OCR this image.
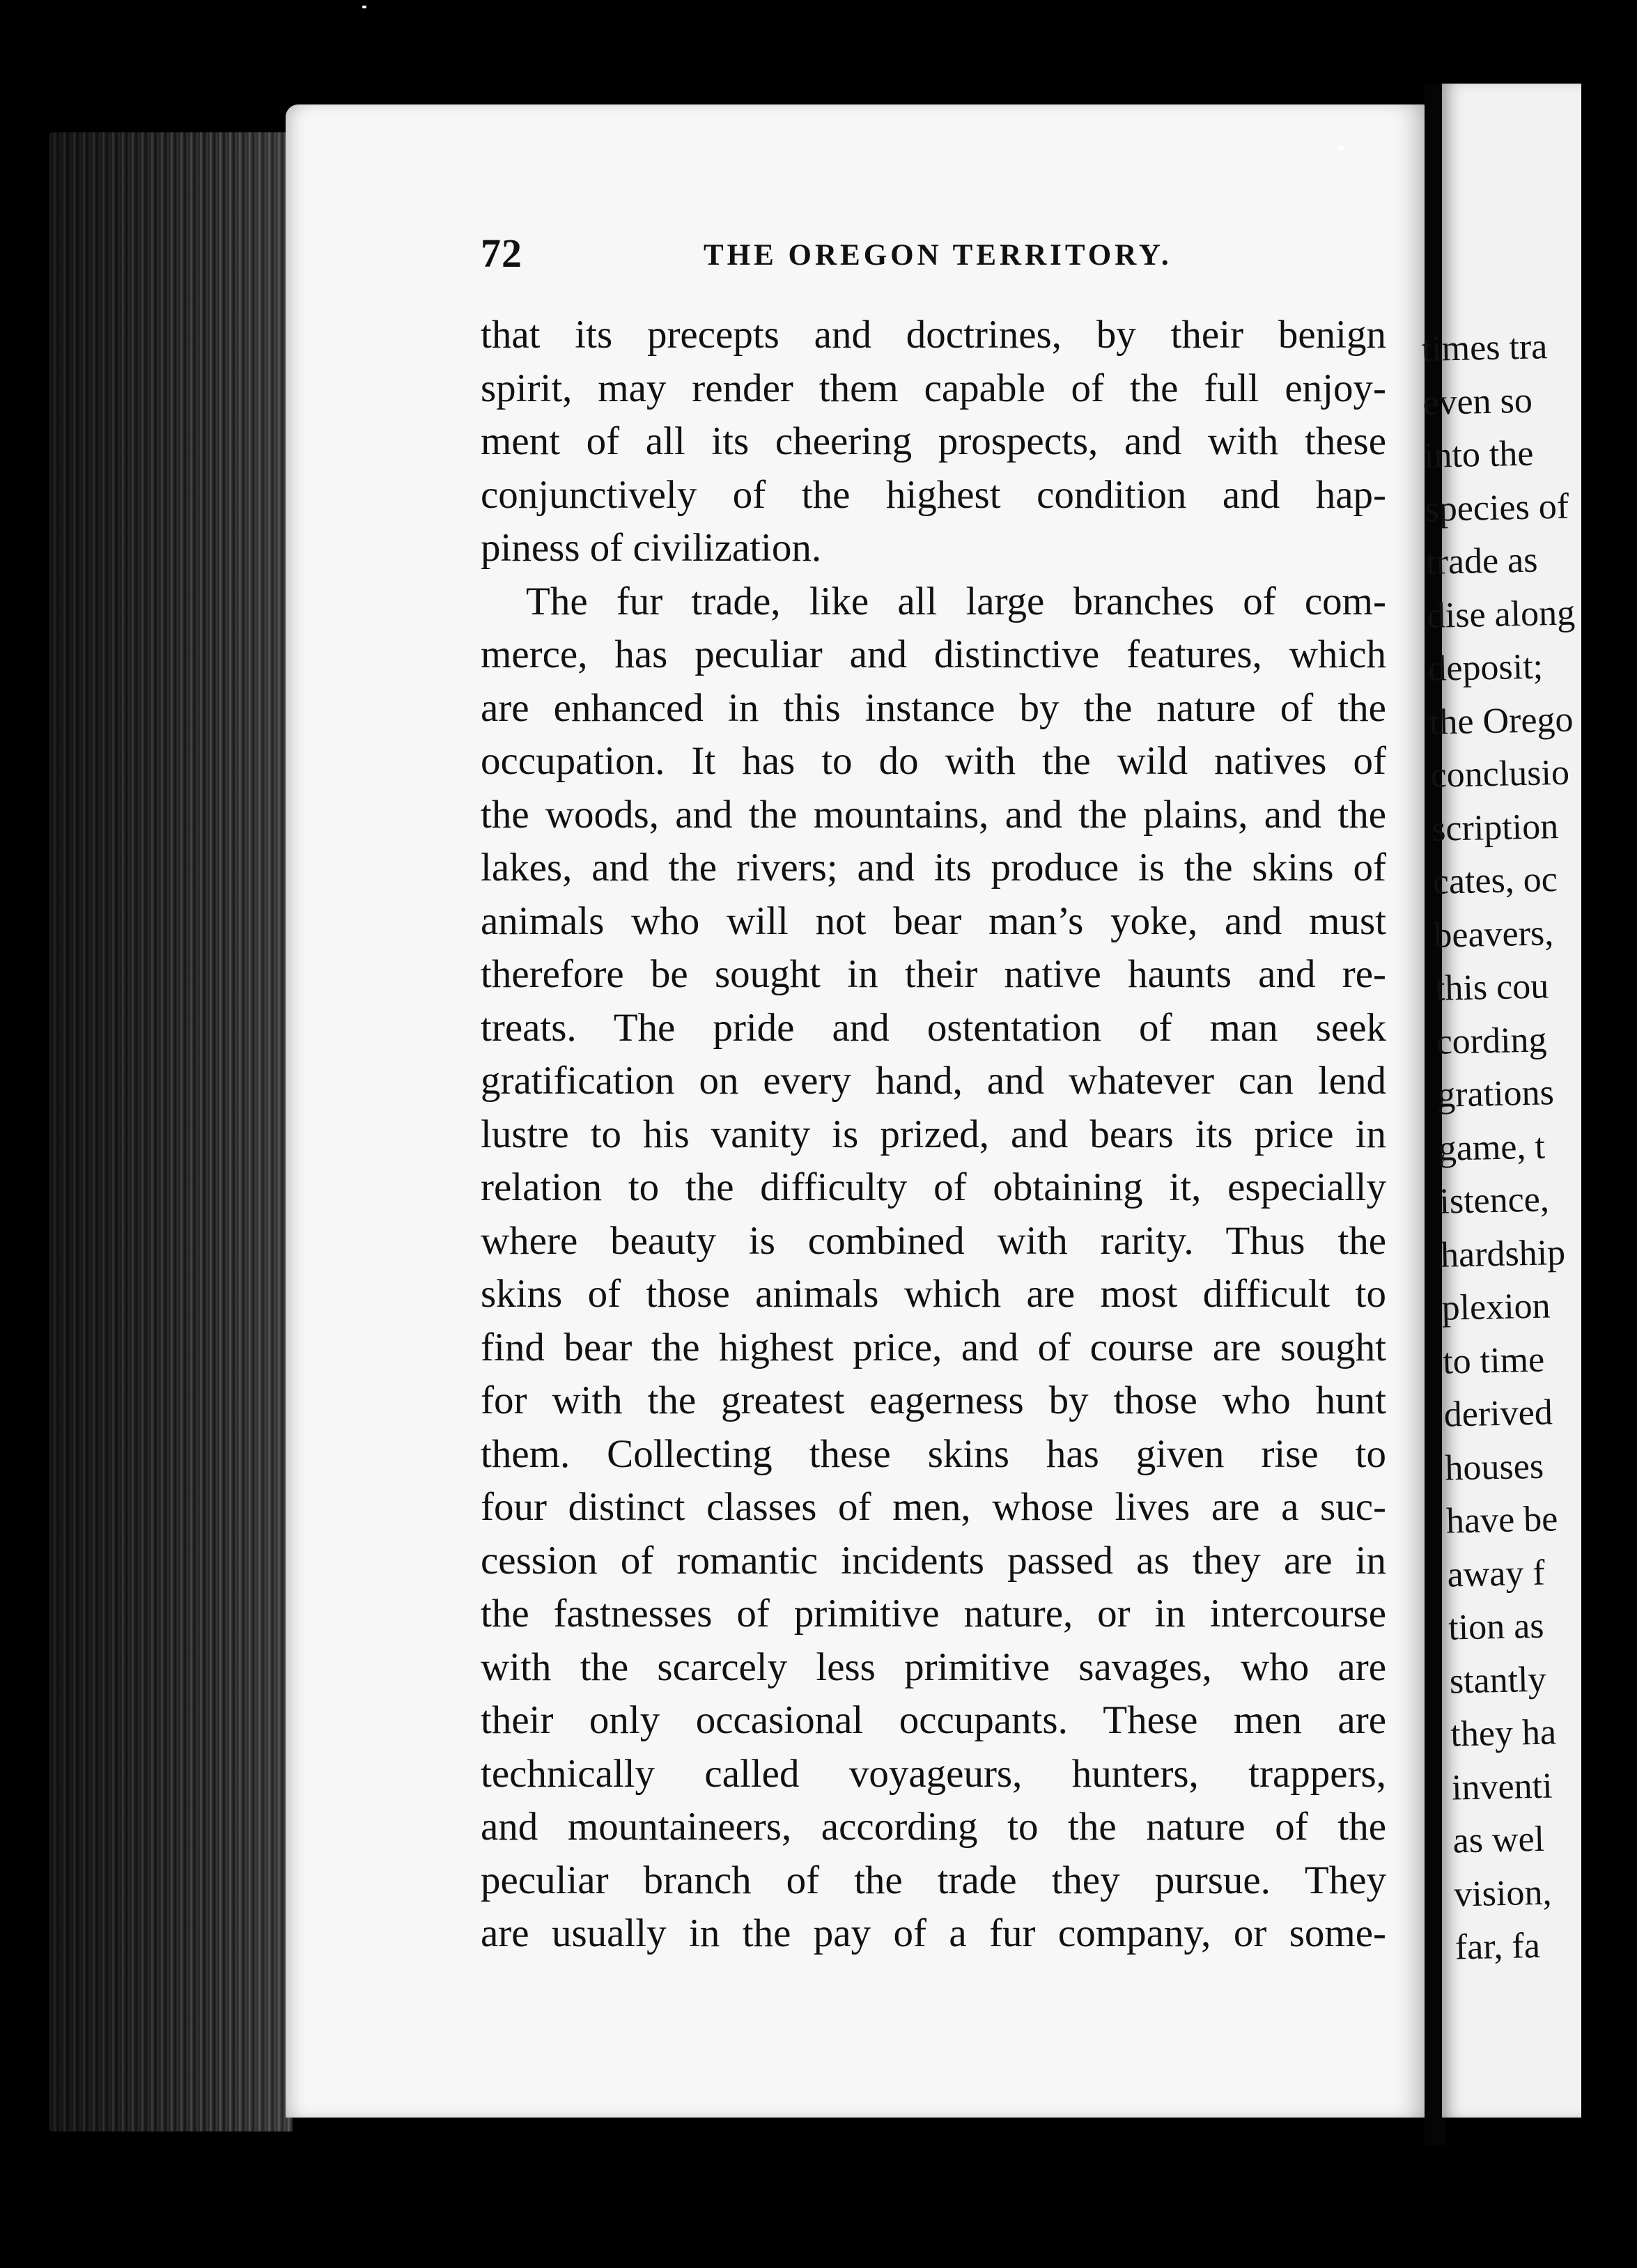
72	THE OREGON TERRITORY.
that its precepts and doctrines, by their benign
spirit, may render them capable of the full enjoy-
ment of all its cheering prospects, and with these
conjunctively of the highest condition and hap-
piness of civilization.
The fur trade, like all large branches of com-
merce, has peculiar and distinctive features, which
are enhanced in this instance by the nature of the
occupation. It has to do with the wild natives of
the woods, and the mountains, and the plains, and the
lakes, and the rivers; and its produce is the skins of
animals who will not bear man’s yoke, and must
therefore be sought in their native haunts and re-
treats. The pride and ostentation of man seek
gratification on every hand, and whatever can lend
lustre to his vanity is prized, and bears its price in
relation to the difficulty of obtaining it, especially
where beauty is combined with rarity. Thus the
skins of those animals which are most difficult to
find bear the highest price, and of course are sought
for with the greatest eagerness by those who hunt
them. Collecting these skins has given rise to
four distinct classes of men, whose lives are a suc-
cession of romantic incidents passed as they are in
the fastnesses of primitive nature, or in intercourse
with the scarcely less primitive savages, who are
their only occasional occupants. These men are
technically called voyageurs, hunters, trappers,
and mountaineers, according to the nature of the
peculiar branch of the trade they pursue. They
are usually in the pay of a fur company, or some-
times tra
even so
into the
species of
trade as
dise along
deposit;
the Orego
conclusio
scription
cates, oc
beavers,
this cou
cording
grations
game, t
istence,
hardship
plexion
to time
derived
houses
have be
away f
tion as
stantly
they ha
inventi
as wel
vision,
far, fa
